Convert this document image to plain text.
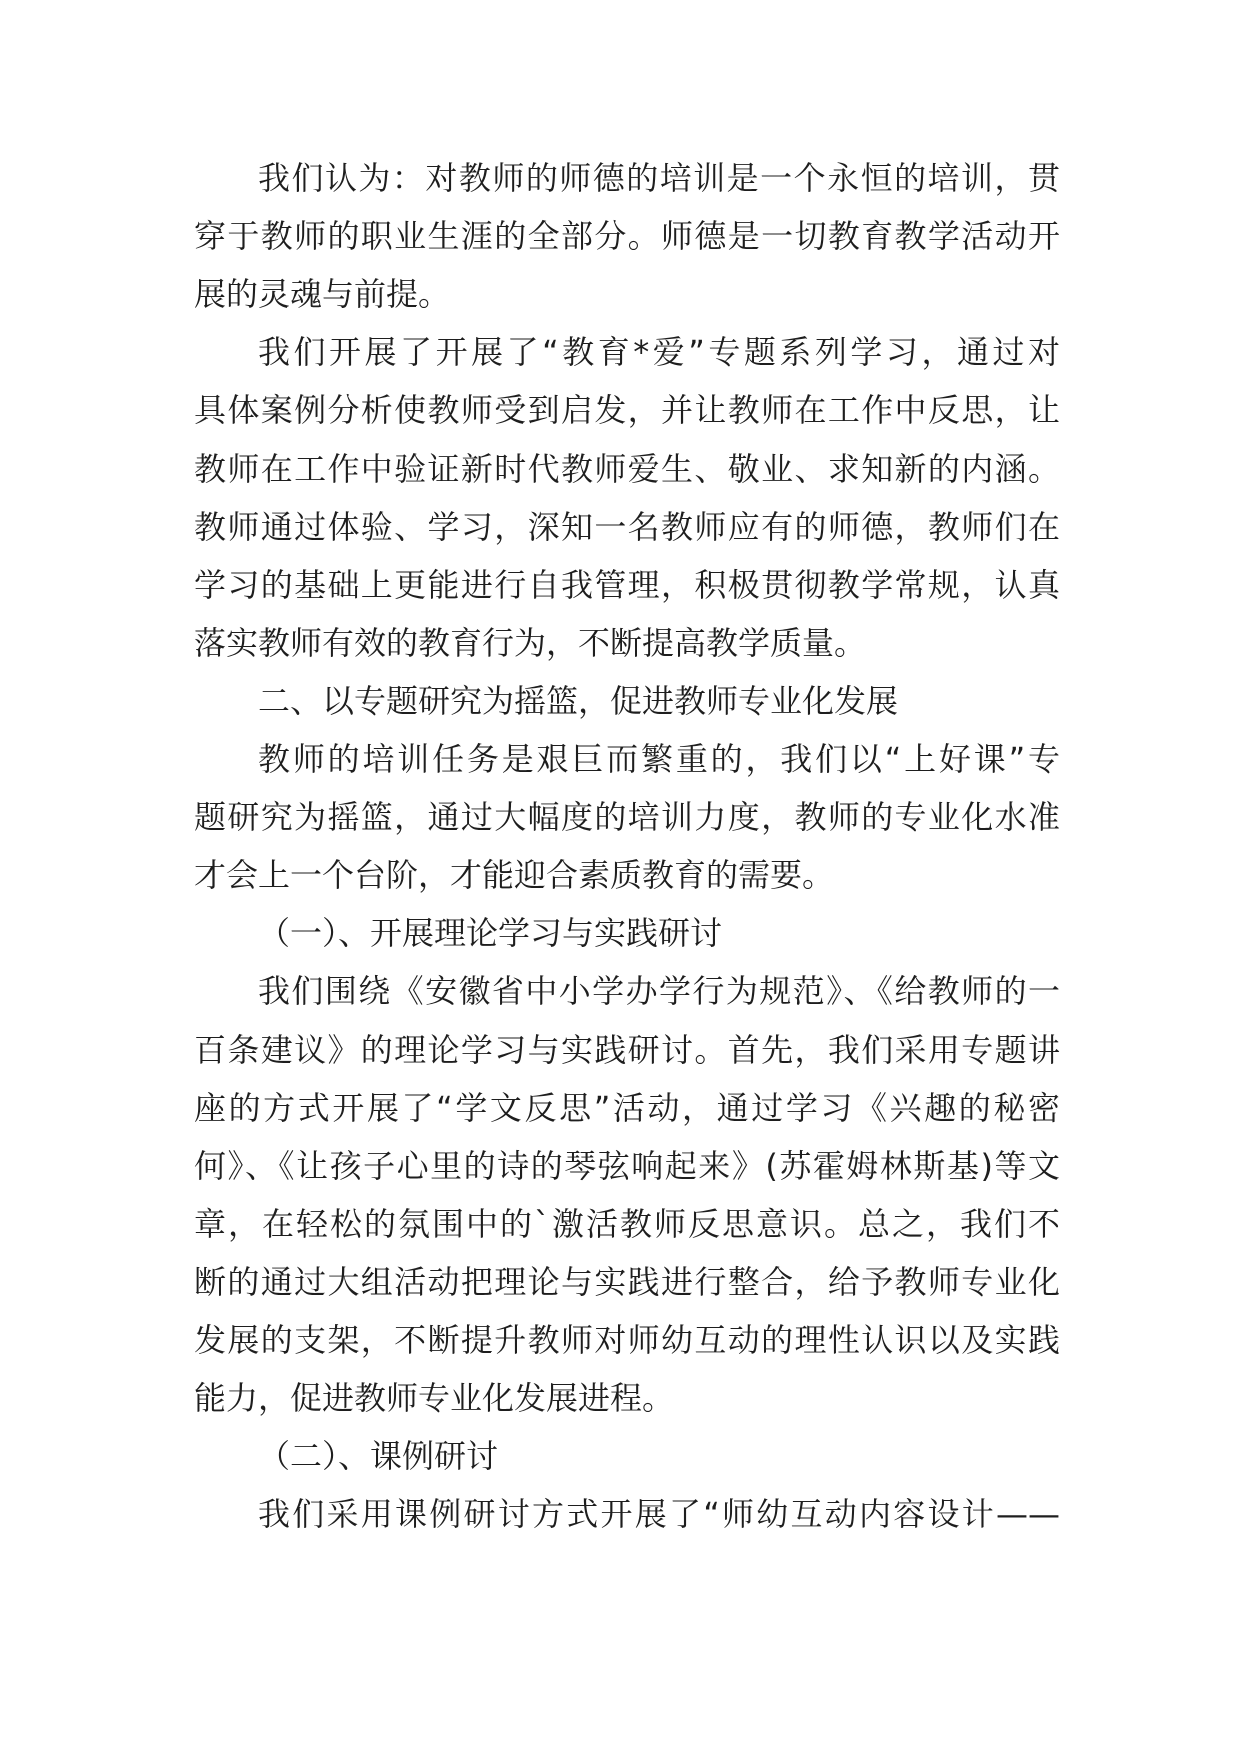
我们认为：对教师的师德的培训是一个永恒的培训，贯
穿于教师的职业生涯的全部分。师德是一切教育教学活动开
展的灵魂与前提。
我们开展了开展了“教育*爱”专题系列学习，通过对
具体案例分析使教师受到启发，并让教师在工作中反思，让
教师在工作中验证新时代教师爱生、敬业、求知新的内涵。
教师通过体验、学习，深知一名教师应有的师德，教师们在
学习的基础上更能进行自我管理，积极贯彻教学常规，认真
落实教师有效的教育行为，不断提高教学质量。
二、以专题研究为摇篮，促进教师专业化发展
教师的培训任务是艰巨而繁重的，我们以“上好课”专
题研究为摇篮，通过大幅度的培训力度，教师的专业化水准
才会上一个台阶，才能迎合素质教育的需要。
（一）、开展理论学习与实践研讨
我们围绕《安徽省中小学办学行为规范》、《给教师的一
百条建议》的理论学习与实践研讨。首先，我们采用专题讲
座的方式开展了“学文反思”活动，通过学习《兴趣的秘密
何》、《让孩子心里的诗的琴弦响起来》(苏霍姆林斯基)等文
章，在轻松的氛围中的`激活教师反思意识。总之，我们不
断的通过大组活动把理论与实践进行整合，给予教师专业化
发展的支架，不断提升教师对师幼互动的理性认识以及实践
能力，促进教师专业化发展进程。
（二）、课例研讨
我们采用课例研讨方式开展了“师幼互动内容设计——
